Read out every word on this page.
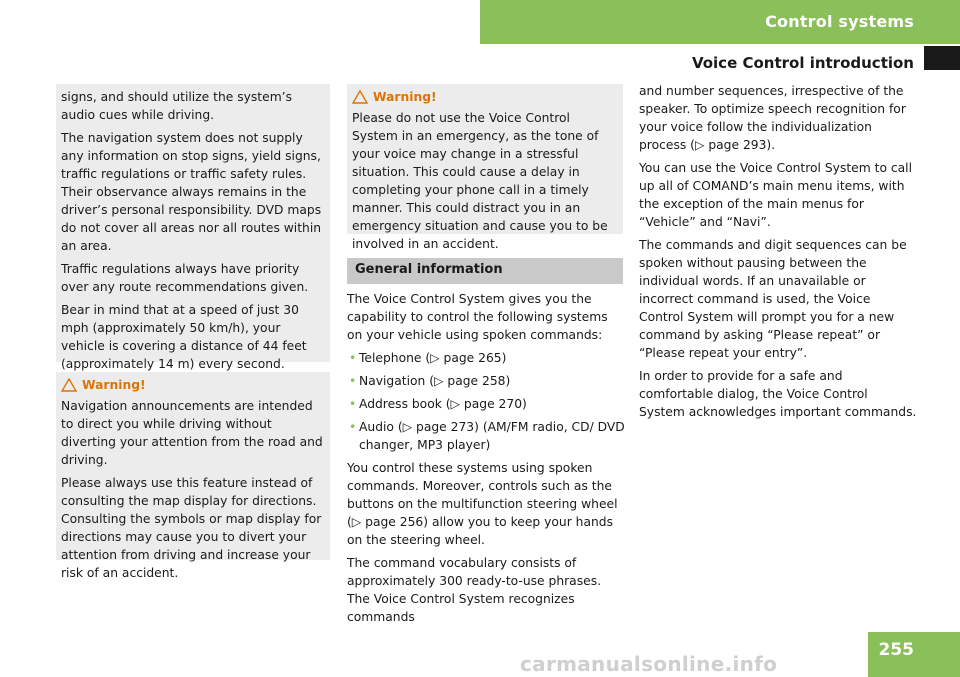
Control systems
Voice Control introduction

signs, and should utilize the system’s audio cues while driving.

The navigation system does not supply any information on stop signs, yield signs, traffic regulations or traffic safety rules. Their observance always remains in the driver’s personal responsibility. DVD maps do not cover all areas nor all routes within an area.

Traffic regulations always have priority over any route recommendations given.

Bear in mind that at a speed of just 30 mph (approximately 50 km/h), your vehicle is covering a distance of 44 feet (approximately 14 m) every second.

Warning!

Navigation announcements are intended to direct you while driving without diverting your attention from the road and driving.

Please always use this feature instead of consulting the map display for directions. Consulting the symbols or map display for directions may cause you to divert your attention from driving and increase your risk of an accident.

Warning!

Please do not use the Voice Control System in an emergency, as the tone of your voice may change in a stressful situation. This could cause a delay in completing your phone call in a timely manner. This could distract you in an emergency situation and cause you to be involved in an accident.

General information

The Voice Control System gives you the capability to control the following systems on your vehicle using spoken commands:

• Telephone (▷ page 265)
• Navigation (▷ page 258)
• Address book (▷ page 270)
• Audio (▷ page 273) (AM/FM radio, CD/ DVD changer, MP3 player)

You control these systems using spoken commands. Moreover, controls such as the buttons on the multifunction steering wheel (▷ page 256) allow you to keep your hands on the steering wheel.

The command vocabulary consists of approximately 300 ready-to-use phrases. The Voice Control System recognizes commands

and number sequences, irrespective of the speaker. To optimize speech recognition for your voice follow the individualization process (▷ page 293).

You can use the Voice Control System to call up all of COMAND’s main menu items, with the exception of the main menus for “Vehicle” and “Navi”.

The commands and digit sequences can be spoken without pausing between the individual words. If an unavailable or incorrect command is used, the Voice Control System will prompt you for a new command by asking “Please repeat” or “Please repeat your entry”.

In order to provide for a safe and comfortable dialog, the Voice Control System acknowledges important commands.

255
carmanualsonline.info
